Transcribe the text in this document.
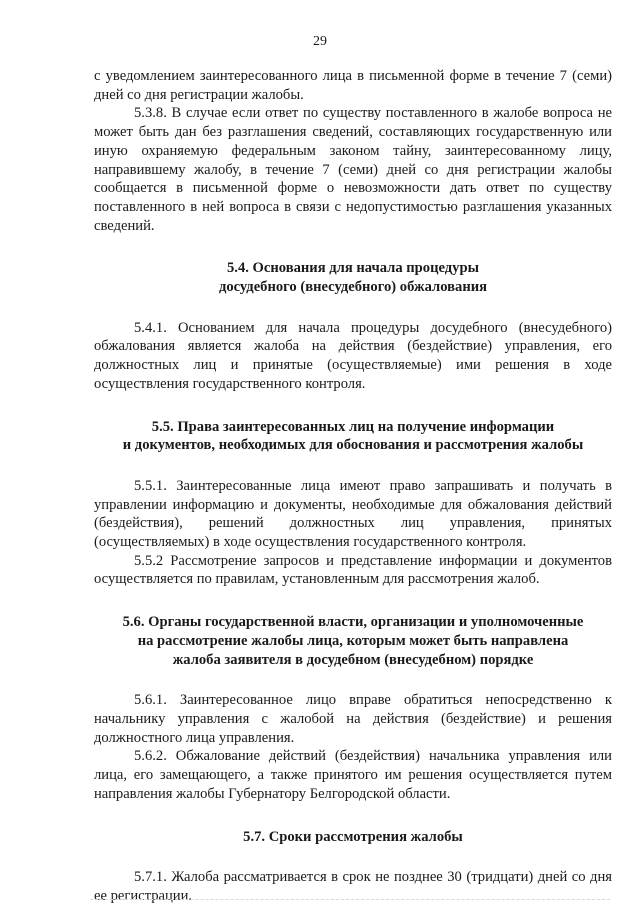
29

с уведомлением заинтересованного лица в письменной форме в течение 7 (семи) дней со дня регистрации жалобы.

5.3.8. В случае если ответ по существу поставленного в жалобе вопроса не может быть дан без разглашения сведений, составляющих государственную или иную охраняемую федеральным законом тайну, заинтересованному лицу, направившему жалобу, в течение 7 (семи) дней со дня регистрации жалобы сообщается в письменной форме о невозможности дать ответ по существу поставленного в ней вопроса в связи с недопустимостью разглашения указанных сведений.

5.4. Основания для начала процедуры
досудебного (внесудебного) обжалования

5.4.1. Основанием для начала процедуры досудебного (внесудебного) обжалования является жалоба на действия (бездействие) управления, его должностных лиц и принятые (осуществляемые) ими решения в ходе осуществления государственного контроля.

5.5. Права заинтересованных лиц на получение информации
и документов, необходимых для обоснования и рассмотрения жалобы

5.5.1. Заинтересованные лица имеют право запрашивать и получать в управлении информацию и документы, необходимые для обжалования действий (бездействия), решений должностных лиц управления, принятых (осуществляемых) в ходе осуществления государственного контроля.

5.5.2 Рассмотрение запросов и представление информации и документов осуществляется по правилам, установленным для рассмотрения жалоб.

5.6. Органы государственной власти, организации и уполномоченные
на рассмотрение жалобы лица, которым может быть направлена
жалоба заявителя в досудебном (внесудебном) порядке

5.6.1. Заинтересованное лицо вправе обратиться непосредственно к начальнику управления с жалобой на действия (бездействие) и решения должностного лица управления.

5.6.2. Обжалование действий (бездействия) начальника управления или лица, его замещающего, а также принятого им решения осуществляется путем направления жалобы Губернатору Белгородской области.

5.7. Сроки рассмотрения жалобы

5.7.1. Жалоба рассматривается в срок не позднее 30 (тридцати) дней со дня ее регистрации.
